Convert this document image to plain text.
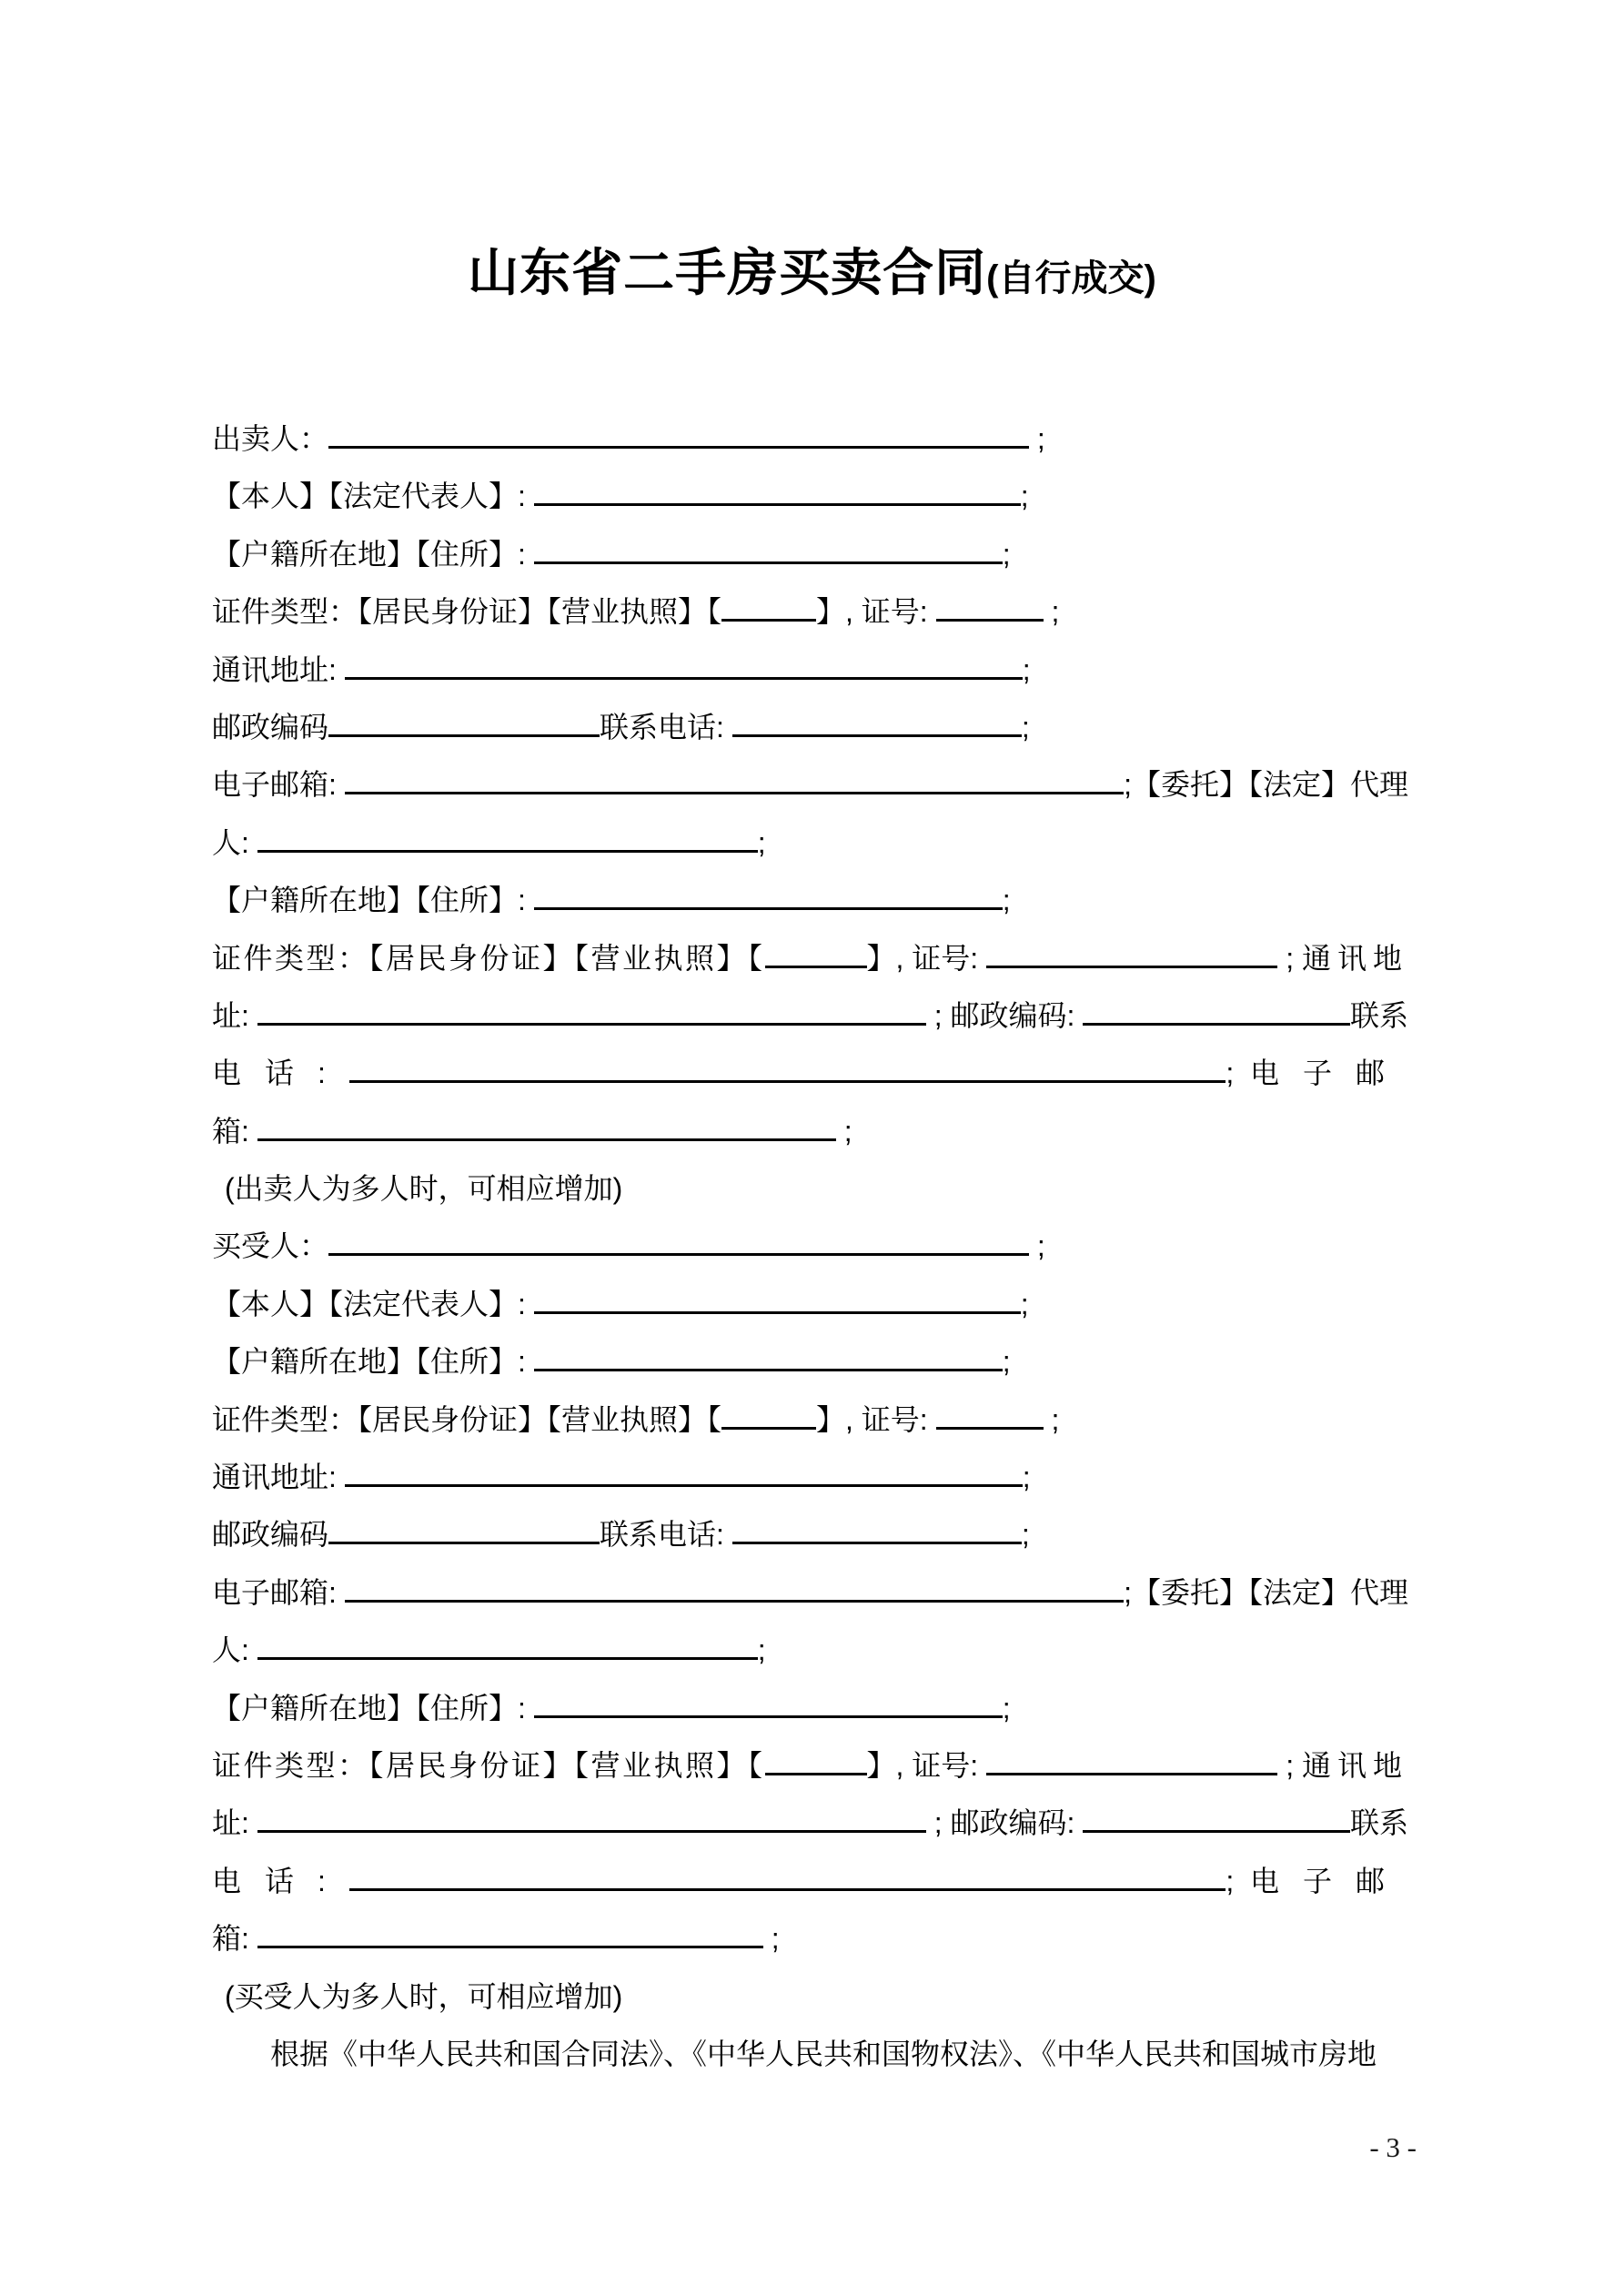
山东省二手房买卖合同(自行成交)
出卖人：	;
【本人】【法定代表人】:	;
【户籍所在地】【住所】:	;
证件类型：【居民身份证】【营业执照】【	】, 证号:	;
通讯地址:	;
邮政编码	联系电话:	;
电子邮箱:	;【委托】【法定】代理
人:	;
【户籍所在地】【住所】:	;
证件类型：【居民身份证】【营业执照】【	】, 证号:	; 通讯地
址:	; 邮政编码:	联系
电话:	; 电子邮
箱:	;
(出卖人为多人时，可相应增加)
买受人：	;
【本人】【法定代表人】:	;
【户籍所在地】【住所】:	;
证件类型：【居民身份证】【营业执照】【	】, 证号:	;
通讯地址:	;
邮政编码	联系电话:	;
电子邮箱:	;【委托】【法定】代理
人:	;
【户籍所在地】【住所】:	;
证件类型：【居民身份证】【营业执照】【	】, 证号:	; 通讯地
址:	; 邮政编码:	联系
电话:	; 电子邮
箱:	;
(买受人为多人时，可相应增加)
根据《中华人民共和国合同法》、《中华人民共和国物权法》、《中华人民共和国城市房地
- 3 -
